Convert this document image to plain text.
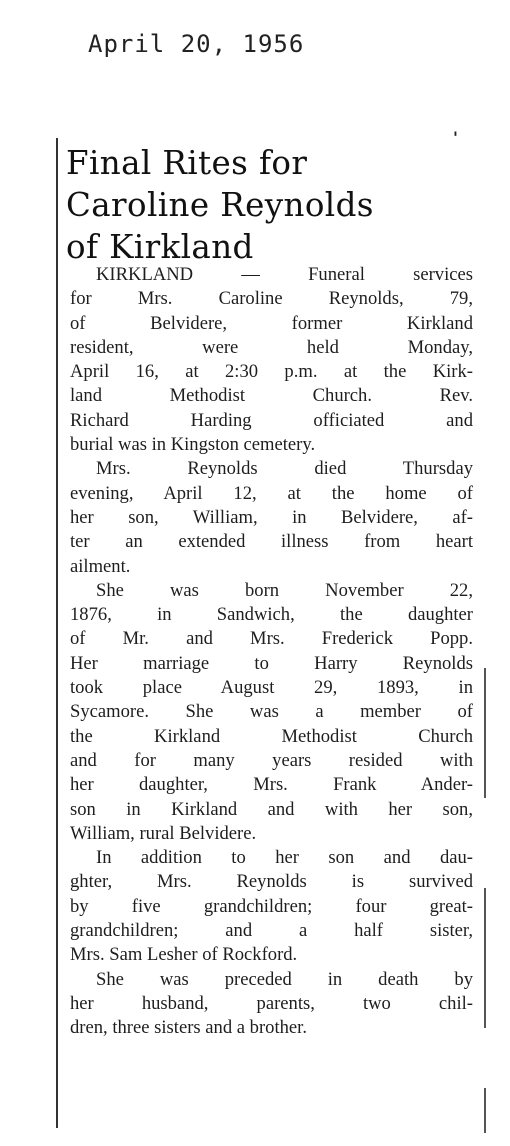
April 20, 1956
'
Final Rites for
Caroline Reynolds
of Kirkland
KIRKLAND — Funeral services
for Mrs. Caroline Reynolds, 79,
of Belvidere, former Kirkland
resident, were held Monday,
April 16, at 2:30 p.m. at the Kirk-
land Methodist Church. Rev.
Richard Harding officiated and
burial was in Kingston cemetery.
Mrs. Reynolds died Thursday
evening, April 12, at the home of
her son, William, in Belvidere, af-
ter an extended illness from heart
ailment.
She was born November 22,
1876, in Sandwich, the daughter
of Mr. and Mrs. Frederick Popp.
Her marriage to Harry Reynolds
took place August 29, 1893, in
Sycamore. She was a member of
the Kirkland Methodist Church
and for many years resided with
her daughter, Mrs. Frank Ander-
son in Kirkland and with her son,
William, rural Belvidere.
In addition to her son and dau-
ghter, Mrs. Reynolds is survived
by five grandchildren; four great-
grandchildren; and a half sister,
Mrs. Sam Lesher of Rockford.
She was preceded in death by
her husband, parents, two chil-
dren, three sisters and a brother.
